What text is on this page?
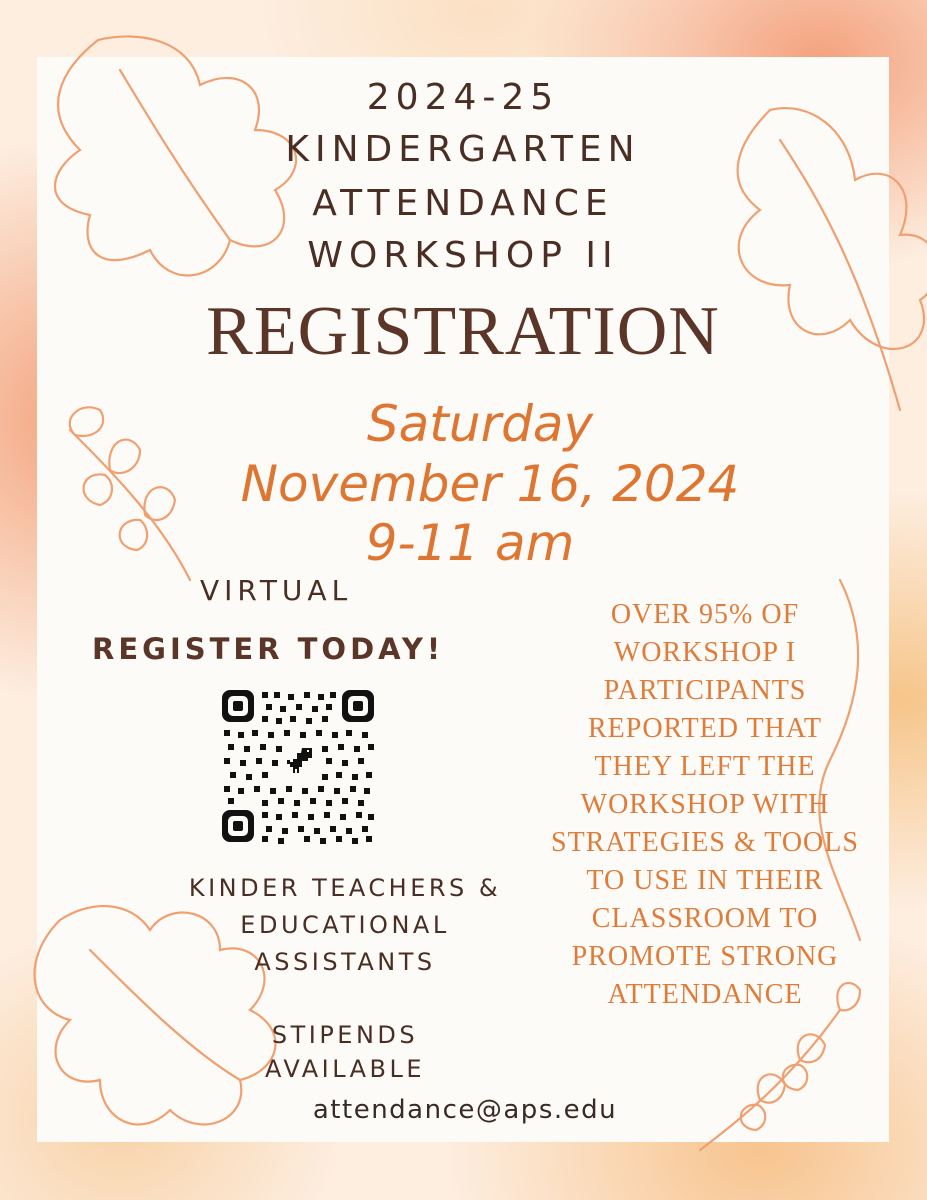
2024-25
KINDERGARTEN
ATTENDANCE
WORKSHOP II
REGISTRATION
Saturday
November 16, 2024
9-11 am
VIRTUAL
REGISTER TODAY!
KINDER TEACHERS &
EDUCATIONAL
ASSISTANTS
STIPENDS
AVAILABLE
attendance@aps.edu
OVER 95% OF
WORKSHOP I
PARTICIPANTS
REPORTED THAT
THEY LEFT THE
WORKSHOP WITH
STRATEGIES & TOOLS
TO USE IN THEIR
CLASSROOM TO
PROMOTE STRONG
ATTENDANCE
